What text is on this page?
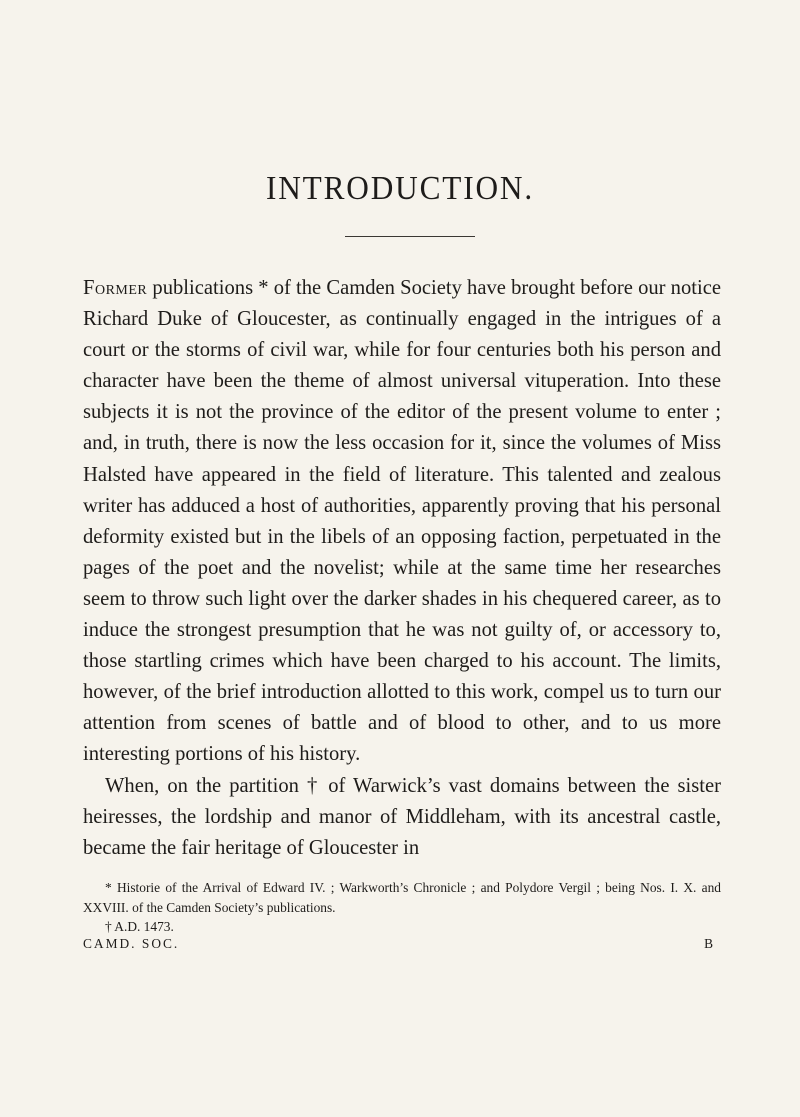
INTRODUCTION.

Former publications * of the Camden Society have brought before our notice Richard Duke of Gloucester, as continually engaged in the intrigues of a court or the storms of civil war, while for four centuries both his person and character have been the theme of almost universal vituperation. Into these subjects it is not the province of the editor of the present volume to enter ; and, in truth, there is now the less occasion for it, since the volumes of Miss Halsted have appeared in the field of literature. This talented and zealous writer has adduced a host of authorities, apparently proving that his personal deformity existed but in the libels of an opposing faction, perpetuated in the pages of the poet and the novelist; while at the same time her researches seem to throw such light over the darker shades in his chequered career, as to induce the strongest presumption that he was not guilty of, or accessory to, those startling crimes which have been charged to his account. The limits, however, of the brief introduction allotted to this work, compel us to turn our attention from scenes of battle and of blood to other, and to us more interesting portions of his history.

When, on the partition † of Warwick’s vast domains between the sister heiresses, the lordship and manor of Middleham, with its ancestral castle, became the fair heritage of Gloucester in

* Historie of the Arrival of Edward IV. ; Warkworth’s Chronicle ; and Polydore Vergil ; being Nos. I. X. and XXVIII. of the Camden Society’s publications.

† A.D. 1473.

CAMD. SOC.	B
